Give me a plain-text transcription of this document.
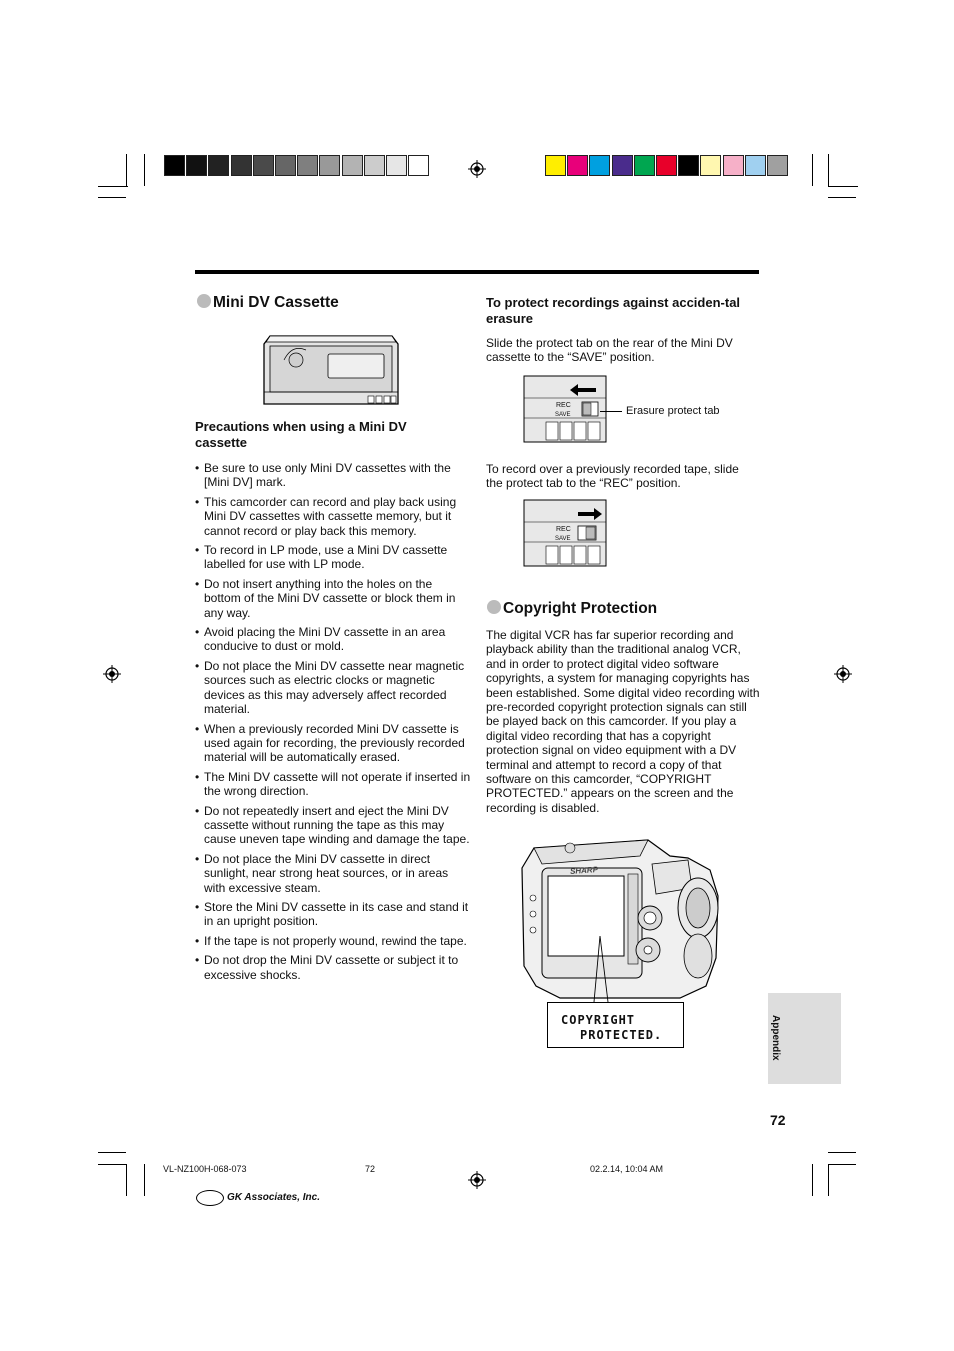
Mini DV Cassette
Precautions when using a Mini DV cassette
• Be sure to use only Mini DV cassettes with the [Mini DV] mark.
• This camcorder can record and play back using Mini DV cassettes with cassette memory, but it cannot record or play back this memory.
• To record in LP mode, use a Mini DV cassette labelled for use with LP mode.
• Do not insert anything into the holes on the bottom of the Mini DV cassette or block them in any way.
• Avoid placing the Mini DV cassette in an area conducive to dust or mold.
• Do not place the Mini DV cassette near magnetic sources such as electric clocks or magnetic devices as this may adversely affect recorded material.
• When a previously recorded Mini DV cassette is used again for recording, the previously recorded material will be automatically erased.
• The Mini DV cassette will not operate if inserted in the wrong direction.
• Do not repeatedly insert and eject the Mini DV cassette without running the tape as this may cause uneven tape winding and damage the tape.
• Do not place the Mini DV cassette in direct sunlight, near strong heat sources, or in areas with excessive steam.
• Store the Mini DV cassette in its case and stand it in an upright position.
• If the tape is not properly wound, rewind the tape.
• Do not drop the Mini DV cassette or subject it to excessive shocks.
To protect recordings against acciden-tal erasure
Slide the protect tab on the rear of the Mini DV cassette to the “SAVE” position.
REC
SAVE	Erasure protect tab
To record over a previously recorded tape, slide the protect tab to the “REC” position.
REC
SAVE
Copyright Protection
The digital VCR has far superior recording and playback ability than the traditional analog VCR, and in order to protect digital video software copyrights, a system for managing copyrights has been established. Some digital video recording with pre-recorded copyright protection signals can still be played back on this camcorder. If you play a digital video recording that has a copyright protection signal on video equipment with a DV terminal and attempt to record a copy of that software on this camcorder, “COPYRIGHT PROTECTED.” appears on the screen and the recording is disabled.
SHARP
COPYRIGHT
PROTECTED.	Appendix
72
VL-NZ100H-068-073	72	02.2.14, 10:04 AM
GK Associates, Inc.
